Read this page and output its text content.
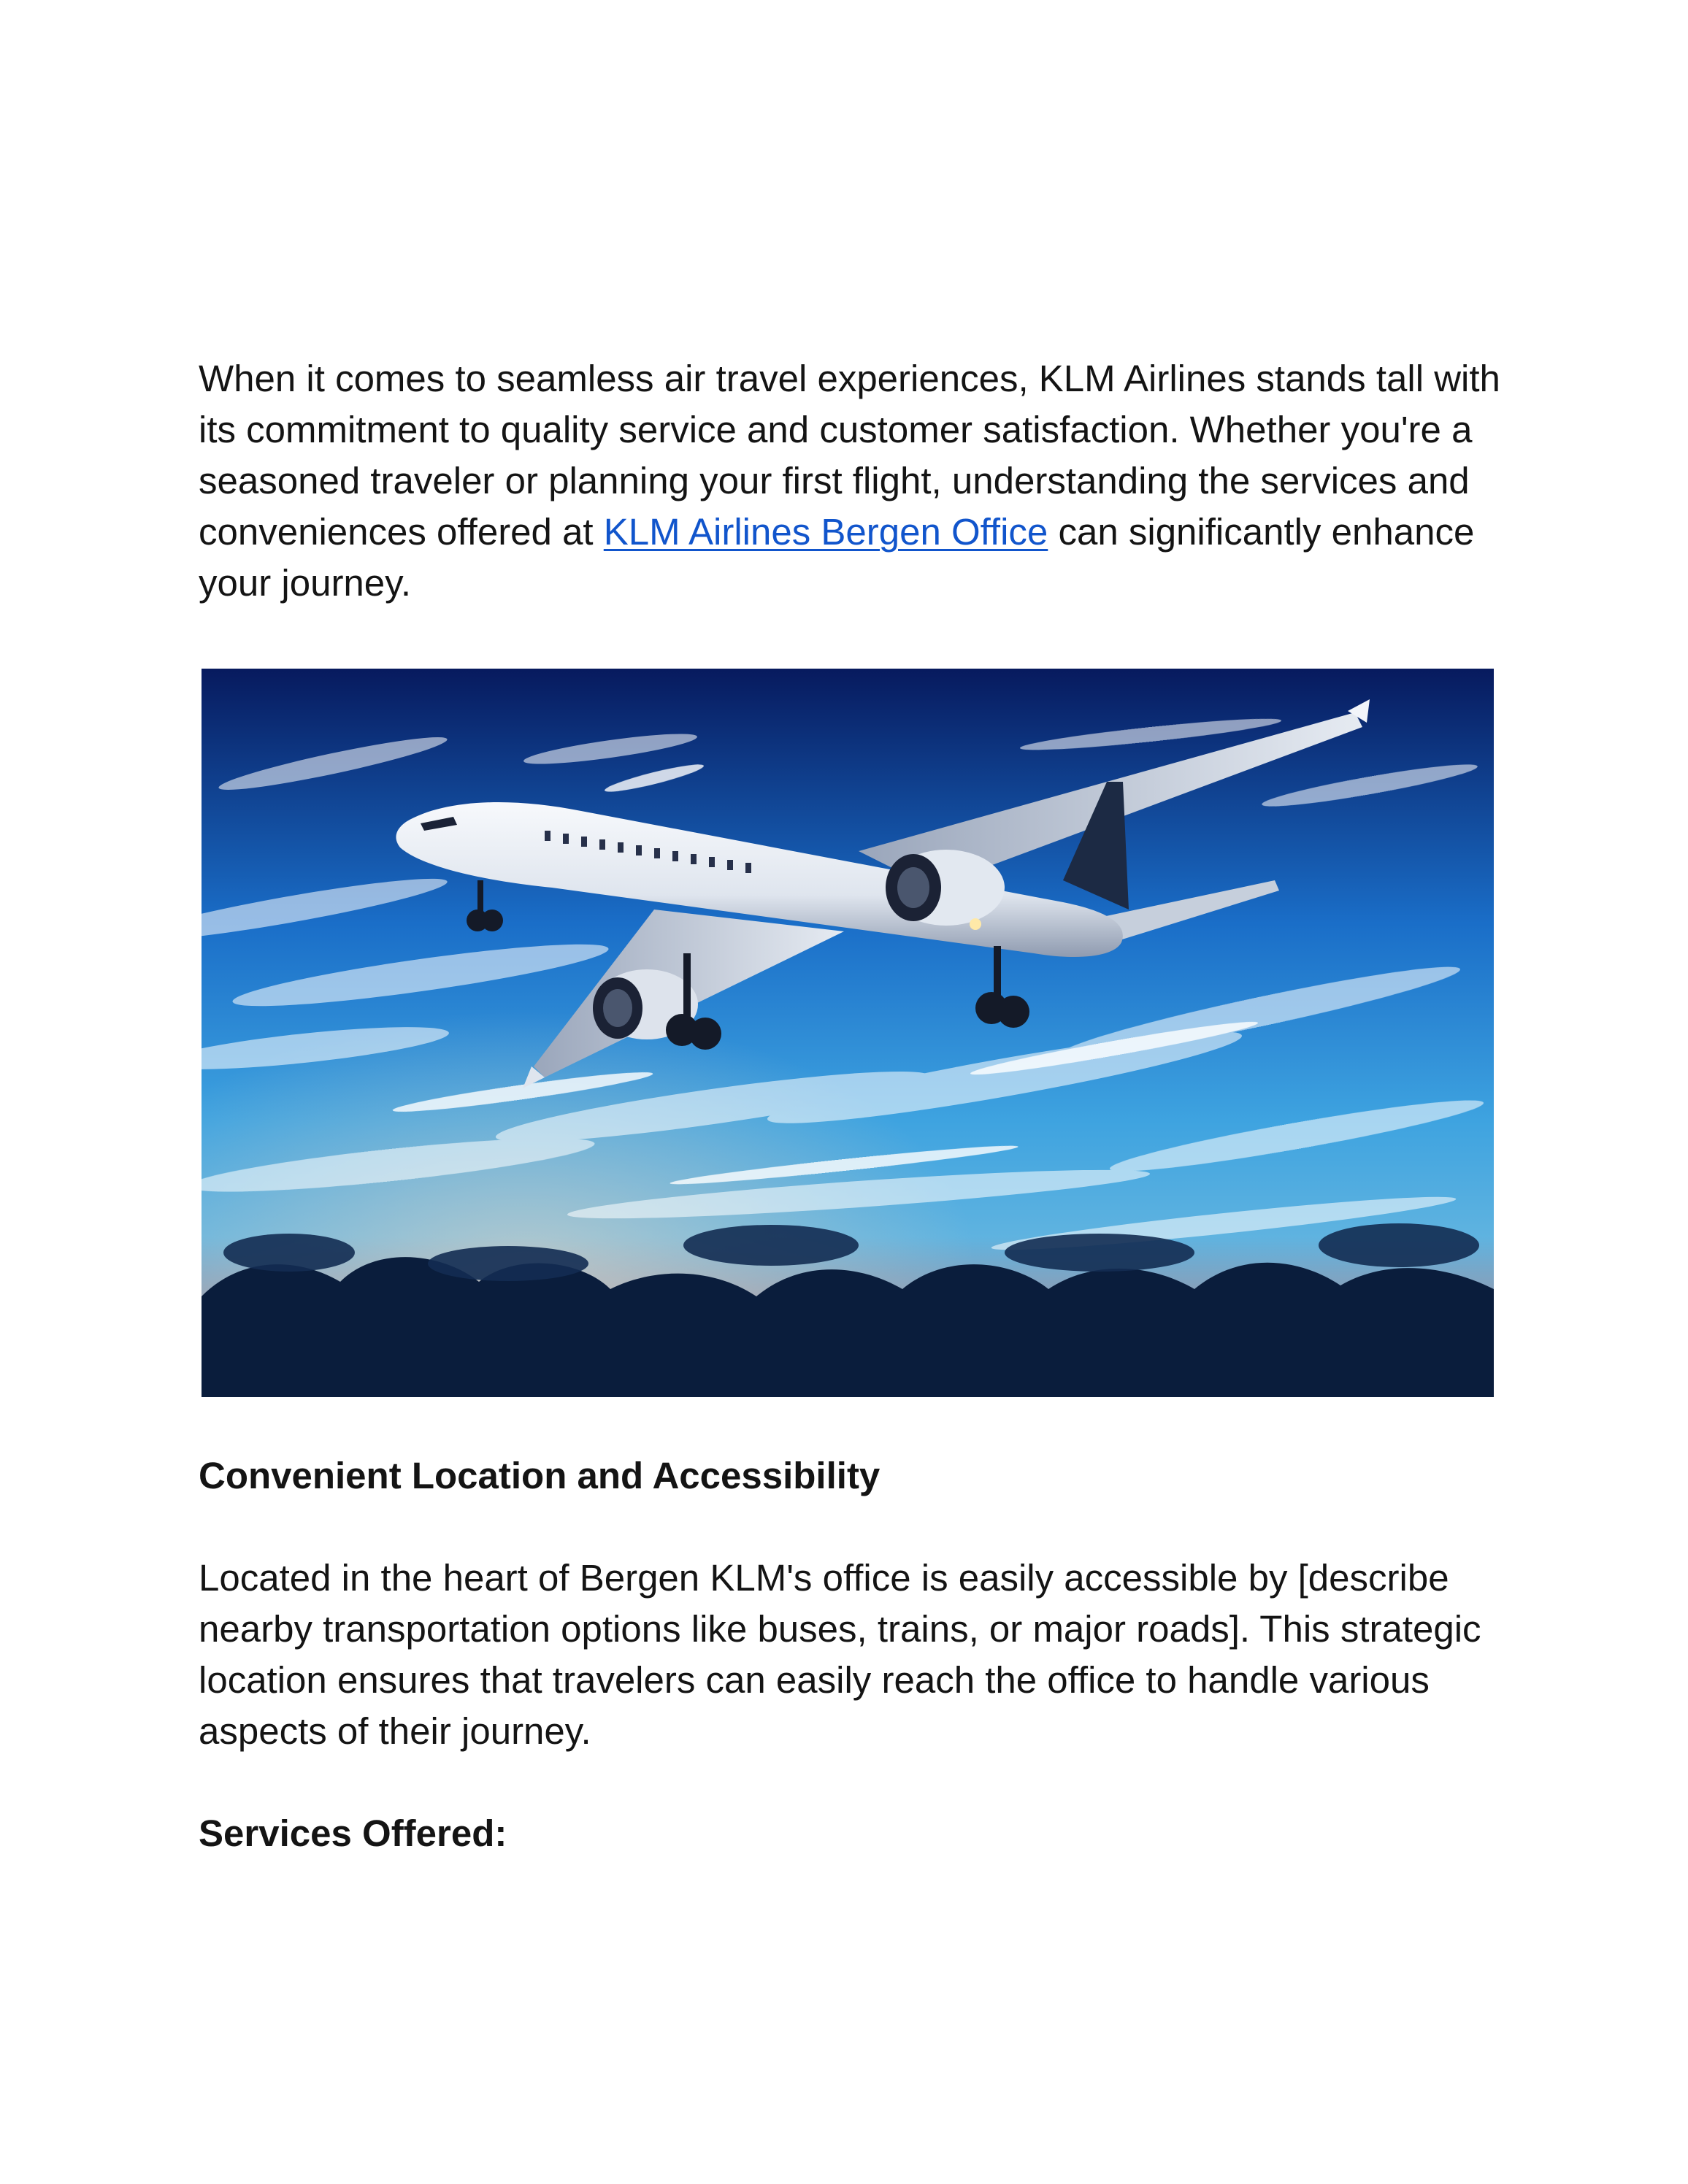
When it comes to seamless air travel experiences, KLM Airlines stands tall with its commitment to quality service and customer satisfaction. Whether you're a seasoned traveler or planning your first flight, understanding the services and conveniences offered at KLM Airlines Bergen Office can significantly enhance your journey.

Convenient Location and Accessibility

Located in the heart of Bergen KLM's office is easily accessible by [describe nearby transportation options like buses, trains, or major roads]. This strategic location ensures that travelers can easily reach the office to handle various aspects of their journey.

Services Offered:
